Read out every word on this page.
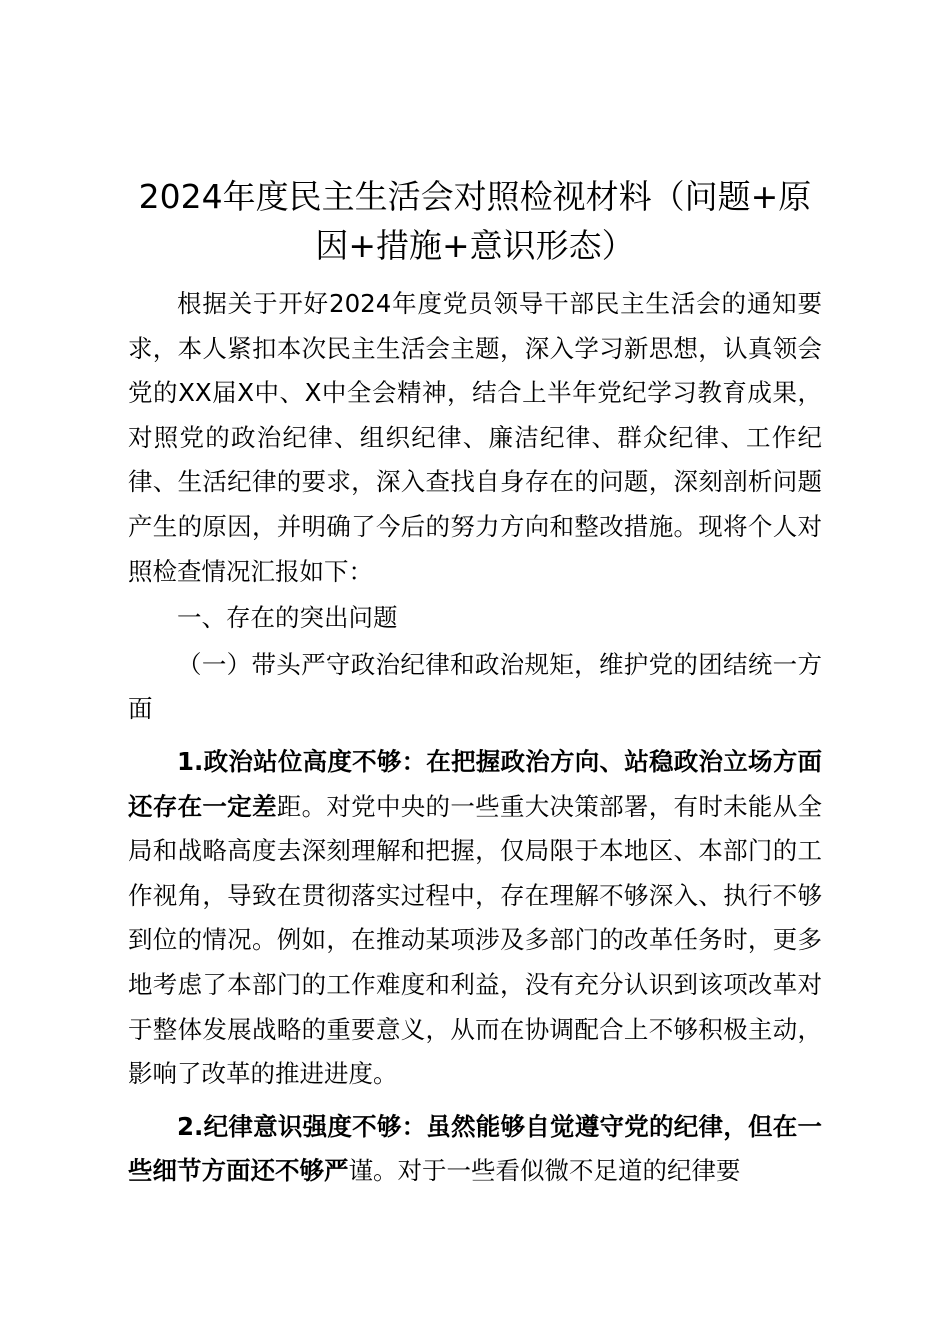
2024年度民主生活会对照检视材料（问题+原因+措施+意识形态）

根据关于开好2024年度党员领导干部民主生活会的通知要求，本人紧扣本次民主生活会主题，深入学习新思想，认真领会党的XX届X中、X中全会精神，结合上半年党纪学习教育成果，对照党的政治纪律、组织纪律、廉洁纪律、群众纪律、工作纪律、生活纪律的要求，深入查找自身存在的问题，深刻剖析问题产生的原因，并明确了今后的努力方向和整改措施。现将个人对照检查情况汇报如下：

一、存在的突出问题

（一）带头严守政治纪律和政治规矩，维护党的团结统一方面

1.政治站位高度不够：在把握政治方向、站稳政治立场方面还存在一定差距。对党中央的一些重大决策部署，有时未能从全局和战略高度去深刻理解和把握，仅局限于本地区、本部门的工作视角，导致在贯彻落实过程中，存在理解不够深入、执行不够到位的情况。例如，在推动某项涉及多部门的改革任务时，更多地考虑了本部门的工作难度和利益，没有充分认识到该项改革对于整体发展战略的重要意义，从而在协调配合上不够积极主动，影响了改革的推进进度。

2.纪律意识强度不够：虽然能够自觉遵守党的纪律，但在一些细节方面还不够严谨。对于一些看似微不足道的纪律要
